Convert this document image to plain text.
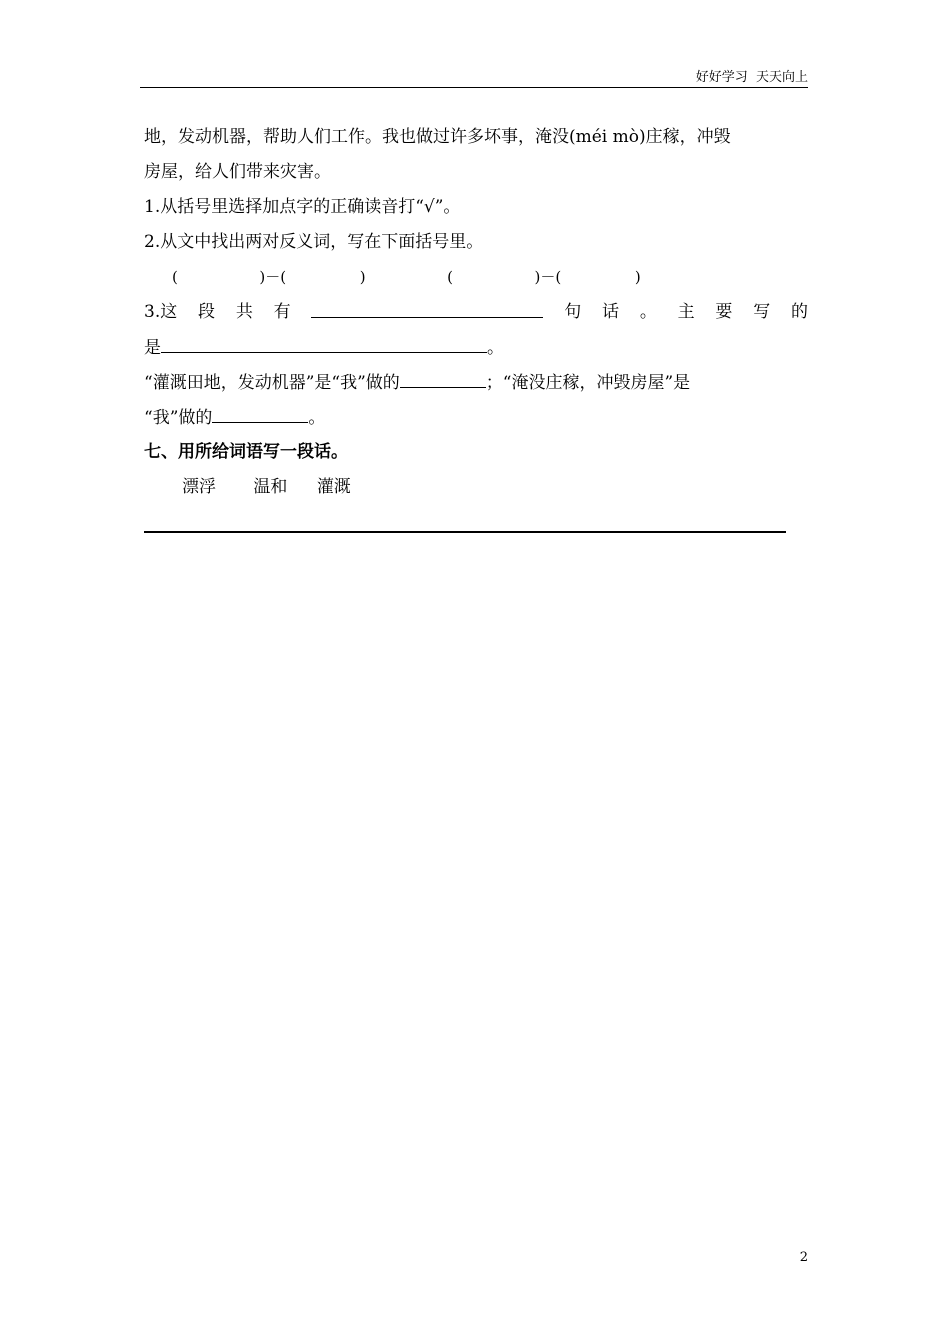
好好学习  天天向上
地，发动机器，帮助人们工作。我也做过许多坏事，淹没(méi mò)庄稼，冲毁
房屋，给人们带来灾害。
1.从括号里选择加点字的正确读音打“√”。
2.从文中找出两对反义词，写在下面括号里。
(	)－(	)	(	)－(	)
3.这 段 共 有	句 话 。 主 要 写 的
是	。
“灌溉田地，发动机器”是“我”做的	；“淹没庄稼，冲毁房屋”是
“我”做的	。
七、用所给词语写一段话。
漂浮 温和 灌溉
2
